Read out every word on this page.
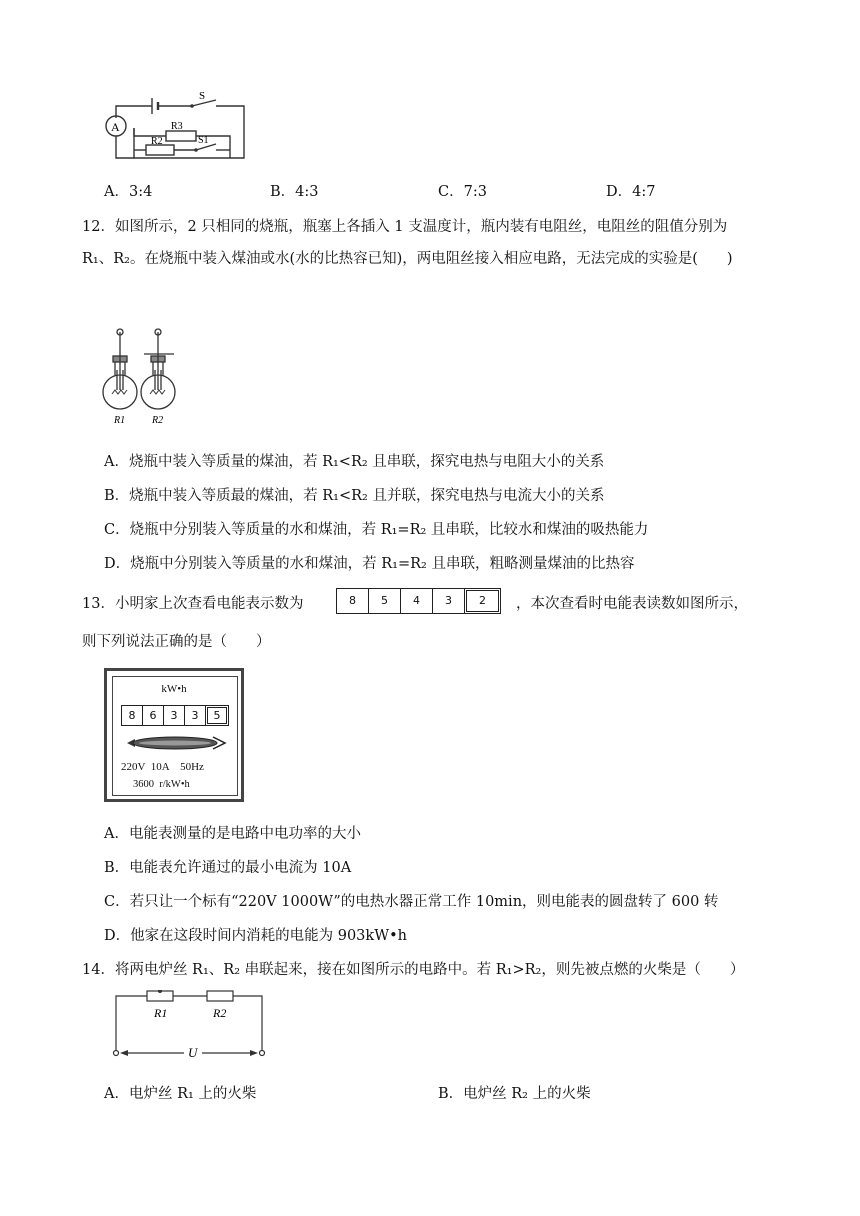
A
S
R3
R2	S1
A．3:4	B．4:3	C．7:3	D．4:7
12．如图所示，2 只相同的烧瓶，瓶塞上各插入 1 支温度计，瓶内装有电阻丝，电阻丝的阻值分别为
R₁、R₂。在烧瓶中装入煤油或水(水的比热容已知)，两电阻丝接入相应电路，无法完成的实验是(　　)
R1	R2
A．烧瓶中装入等质量的煤油，若 R₁<R₂ 且串联，探究电热与电阻大小的关系
B．烧瓶中装入等质最的煤油，若 R₁<R₂ 且并联，探究电热与电流大小的关系
C．烧瓶中分别装入等质量的水和煤油，若 R₁=R₂ 且串联，比较水和煤油的吸热能力
D．烧瓶中分别装入等质量的水和煤油，若 R₁=R₂ 且串联，粗略测量煤油的比热容
13．小明家上次查看电能表示数为	8	5	4	3	2	，本次查看时电能表读数如图所示，
则下列说法正确的是（　　）
kW•h
8	6	3	3	5
220V  10A    50Hz
3600  r/kW•h
A．电能表测量的是电路中电功率的大小
B．电能表允许通过的最小电流为 10A
C．若只让一个标有“220V 1000W”的电热水器正常工作 10min，则电能表的圆盘转了 600 转
D．他家在这段时间内消耗的电能为 903kW•h
14．将两电炉丝 R₁、R₂ 串联起来，接在如图所示的电路中。若 R₁>R₂，则先被点燃的火柴是（　　）
R1	R2
U
A．电炉丝 R₁ 上的火柴	B．电炉丝 R₂ 上的火柴
